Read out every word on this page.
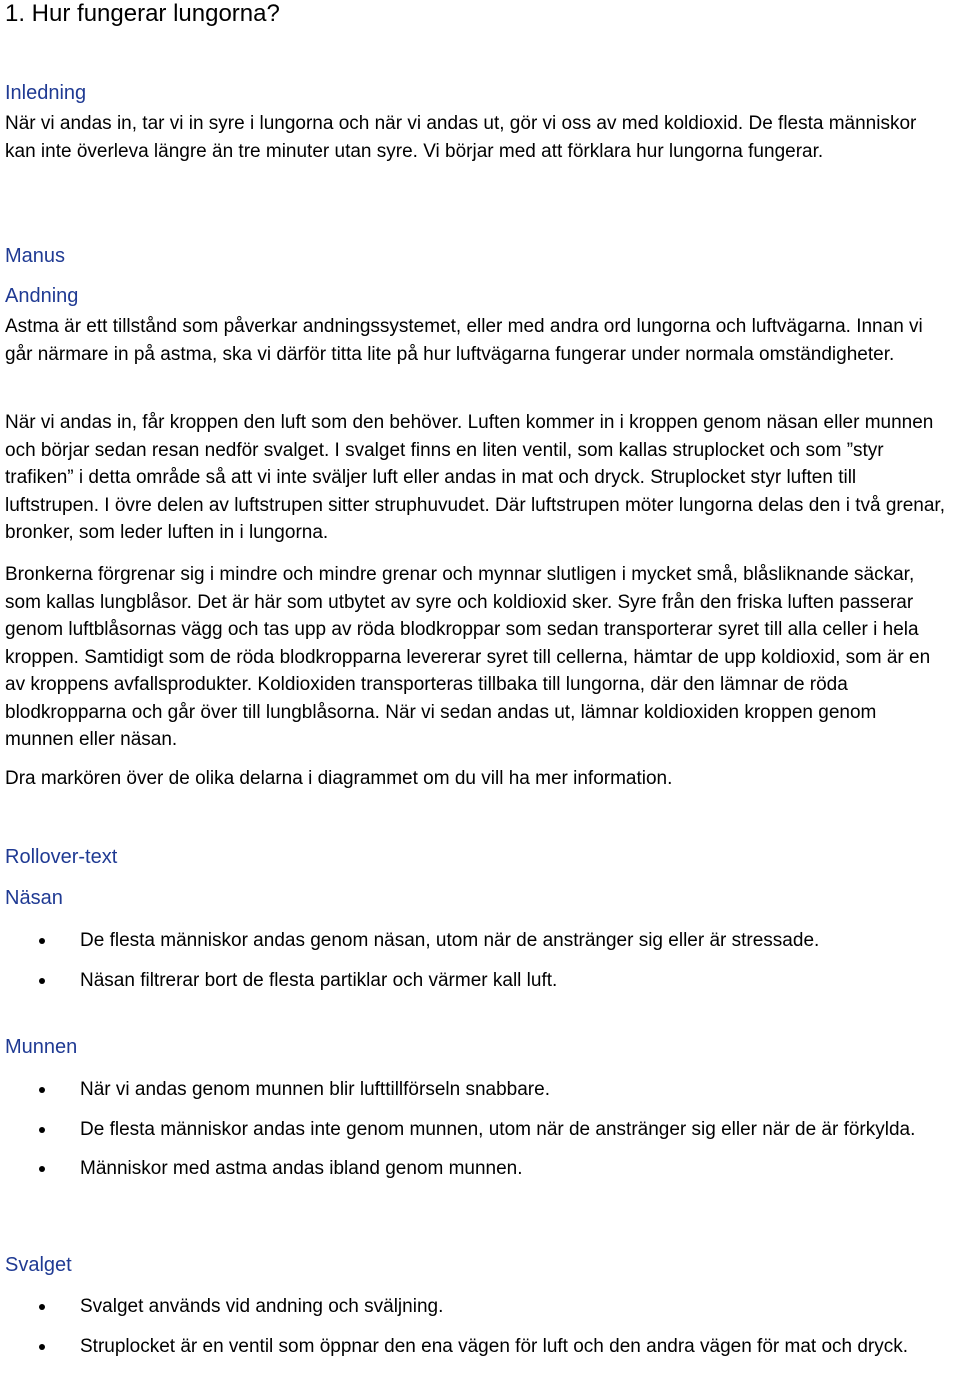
1. Hur fungerar lungorna?
Inledning

När vi andas in, tar vi in syre i lungorna och när vi andas ut, gör vi oss av med koldioxid. De flesta människor kan inte överleva längre än tre minuter utan syre. Vi börjar med att förklara hur lungorna fungerar.

Manus
Andning

Astma är ett tillstånd som påverkar andningssystemet, eller med andra ord lungorna och luftvägarna. Innan vi går närmare in på astma, ska vi därför titta lite på hur luftvägarna fungerar under normala omständigheter.

När vi andas in, får kroppen den luft som den behöver. Luften kommer in i kroppen genom näsan eller munnen och börjar sedan resan nedför svalget. I svalget finns en liten ventil, som kallas struplocket och som ”styr trafiken” i detta område så att vi inte sväljer luft eller andas in mat och dryck. Struplocket styr luften till luftstrupen. I övre delen av luftstrupen sitter struphuvudet. Där luftstrupen möter lungorna delas den i två grenar, bronker, som leder luften in i lungorna.

Bronkerna förgrenar sig i mindre och mindre grenar och mynnar slutligen i mycket små, blåsliknande säckar, som kallas lungblåsor. Det är här som utbytet av syre och koldioxid sker. Syre från den friska luften passerar genom luftblåsornas vägg och tas upp av röda blodkroppar som sedan transporterar syret till alla celler i hela kroppen. Samtidigt som de röda blodkropparna levererar syret till cellerna, hämtar de upp koldioxid, som är en av kroppens avfallsprodukter. Koldioxiden transporteras tillbaka till lungorna, där den lämnar de röda blodkropparna och går över till lungblåsorna. När vi sedan andas ut, lämnar koldioxiden kroppen genom munnen eller näsan.

Dra markören över de olika delarna i diagrammet om du vill ha mer information.

Rollover-text
Näsan
De flesta människor andas genom näsan, utom när de anstränger sig eller är stressade.
Näsan filtrerar bort de flesta partiklar och värmer kall luft.
Munnen
När vi andas genom munnen blir lufttillförseln snabbare.
De flesta människor andas inte genom munnen, utom när de anstränger sig eller när de är förkylda.
Människor med astma andas ibland genom munnen.
Svalget
Svalget används vid andning och sväljning.
Struplocket är en ventil som öppnar den ena vägen för luft och den andra vägen för mat och dryck.
